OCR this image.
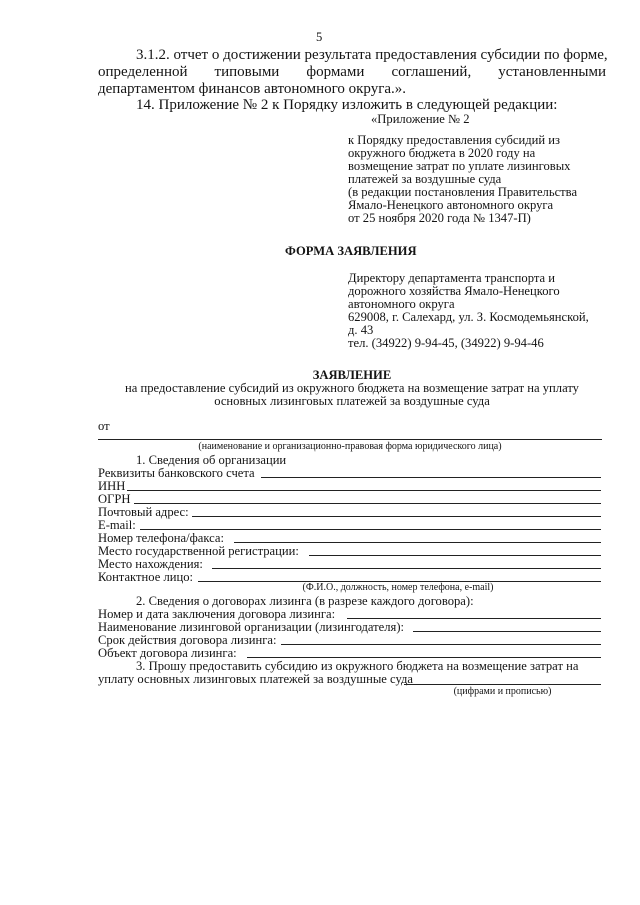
5
3.1.2. отчет о достижении результата предоставления субсидии по форме,
определенной типовыми формами соглашений, установленными
департаментом финансов автономного округа.».
14. Приложение № 2 к Порядку изложить в следующей редакции:
«Приложение № 2
к Порядку предоставления субсидий из
окружного бюджета в 2020 году на
возмещение затрат по уплате лизинговых
платежей за воздушные суда
(в редакции постановления Правительства
Ямало-Ненецкого автономного округа
от 25 ноября 2020 года № 1347-П)
ФОРМА ЗАЯВЛЕНИЯ
Директору департамента транспорта и
дорожного хозяйства Ямало-Ненецкого
автономного округа
629008, г. Салехард, ул. З. Космодемьянской,
д. 43
тел. (34922) 9-94-45, (34922) 9-94-46
ЗАЯВЛЕНИЕ
на предоставление субсидий из окружного бюджета на возмещение затрат на уплату
основных лизинговых платежей за воздушные суда
от
(наименование и организационно-правовая форма юридического лица)
1. Сведения об организации
Реквизиты банковского счета
ИНН
ОГРН
Почтовый адрес:
E-mail:
Номер телефона/факса:
Место государственной регистрации:
Место нахождения:
Контактное лицо:
(Ф.И.О., должность, номер телефона, e-mail)
2. Сведения о договорах лизинга (в разрезе каждого договора):
Номер и дата заключения договора лизинга:
Наименование лизинговой организации (лизингодателя):
Срок действия договора лизинга:
Объект договора лизинга:
3. Прошу предоставить субсидию из окружного бюджета на возмещение затрат на
уплату основных лизинговых платежей за воздушные суда
(цифрами и прописью)
